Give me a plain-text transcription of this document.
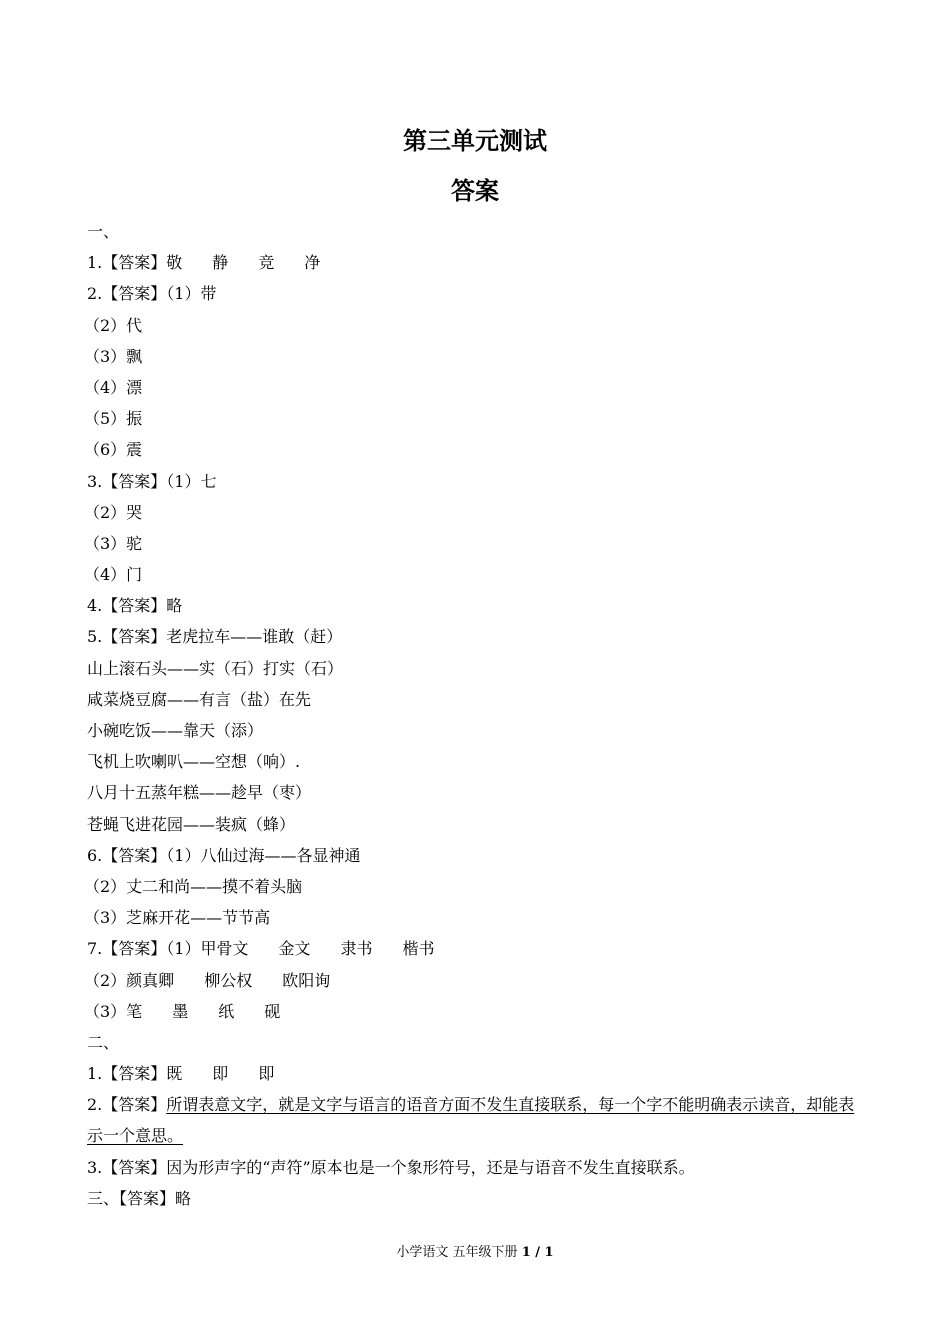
第三单元测试
答案
一、
1.【答案】敬 静 竞 净
2.【答案】（1）带
（2）代
（3）飘
（4）漂
（5）振
（6）震
3.【答案】（1）七
（2）哭
（3）驼
（4）门
4.【答案】略
5.【答案】老虎拉车——谁敢（赶）
山上滚石头——实（石）打实（石）
咸菜烧豆腐——有言（盐）在先
小碗吃饭——靠天（添）
飞机上吹喇叭——空想（响）.
八月十五蒸年糕——趁早（枣）
苍蝇飞进花园——装疯（蜂）
6.【答案】（1）八仙过海——各显神通
（2）丈二和尚——摸不着头脑
（3）芝麻开花——节节高
7.【答案】（1）甲骨文 金文 隶书 楷书
（2）颜真卿 柳公权 欧阳询
（3）笔 墨 纸 砚
二、
1.【答案】既 即 即
2.【答案】所谓表意文字，就是文字与语言的语音方面不发生直接联系，每一个字不能明确表示读音，却能表示一个意思。
3.【答案】因为形声字的“声符”原本也是一个象形符号，还是与语音不发生直接联系。
三、【答案】略
小学语文 五年级下册 1 / 1
